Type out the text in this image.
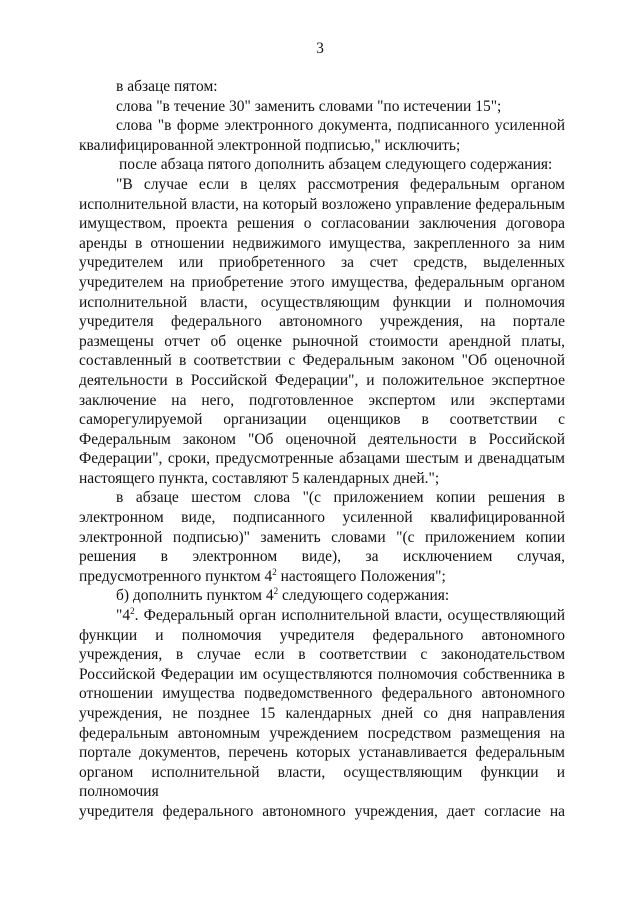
3

в абзаце пятом:

слова "в течение 30" заменить словами "по истечении 15";

слова "в форме электронного документа, подписанного усиленной квалифицированной электронной подписью," исключить;

после абзаца пятого дополнить абзацем следующего содержания:

"В случае если в целях рассмотрения федеральным органом исполнительной власти, на который возложено управление федеральным имуществом, проекта решения о согласовании заключения договора аренды в отношении недвижимого имущества, закрепленного за ним учредителем или приобретенного за счет средств, выделенных учредителем на приобретение этого имущества, федеральным органом исполнительной власти, осуществляющим функции и полномочия учредителя федерального автономного учреждения, на портале размещены отчет об оценке рыночной стоимости арендной платы, составленный в соответствии с Федеральным законом "Об оценочной деятельности в Российской Федерации", и положительное экспертное заключение на него, подготовленное экспертом или экспертами саморегулируемой организации оценщиков в соответствии с Федеральным законом "Об оценочной деятельности в Российской Федерации", сроки, предусмотренные абзацами шестым и двенадцатым настоящего пункта, составляют 5 календарных дней.";

в абзаце шестом слова "(с приложением копии решения в электронном виде, подписанного усиленной квалифицированной электронной подписью)" заменить словами "(с приложением копии решения в электронном виде), за исключением случая, предусмотренного пунктом $4^2$ настоящего Положения";

б) дополнить пунктом $4^2$ следующего содержания:

"$4^2$. Федеральный орган исполнительной власти, осуществляющий функции и полномочия учредителя федерального автономного учреждения, в случае если в соответствии с законодательством Российской Федерации им осуществляются полномочия собственника в отношении имущества подведомственного федерального автономного учреждения, не позднее 15 календарных дней со дня направления федеральным автономным учреждением посредством размещения на портале документов, перечень которых устанавливается федеральным органом исполнительной власти, осуществляющим функции и полномочия

учредителя федерального автономного учреждения, дает согласие на
